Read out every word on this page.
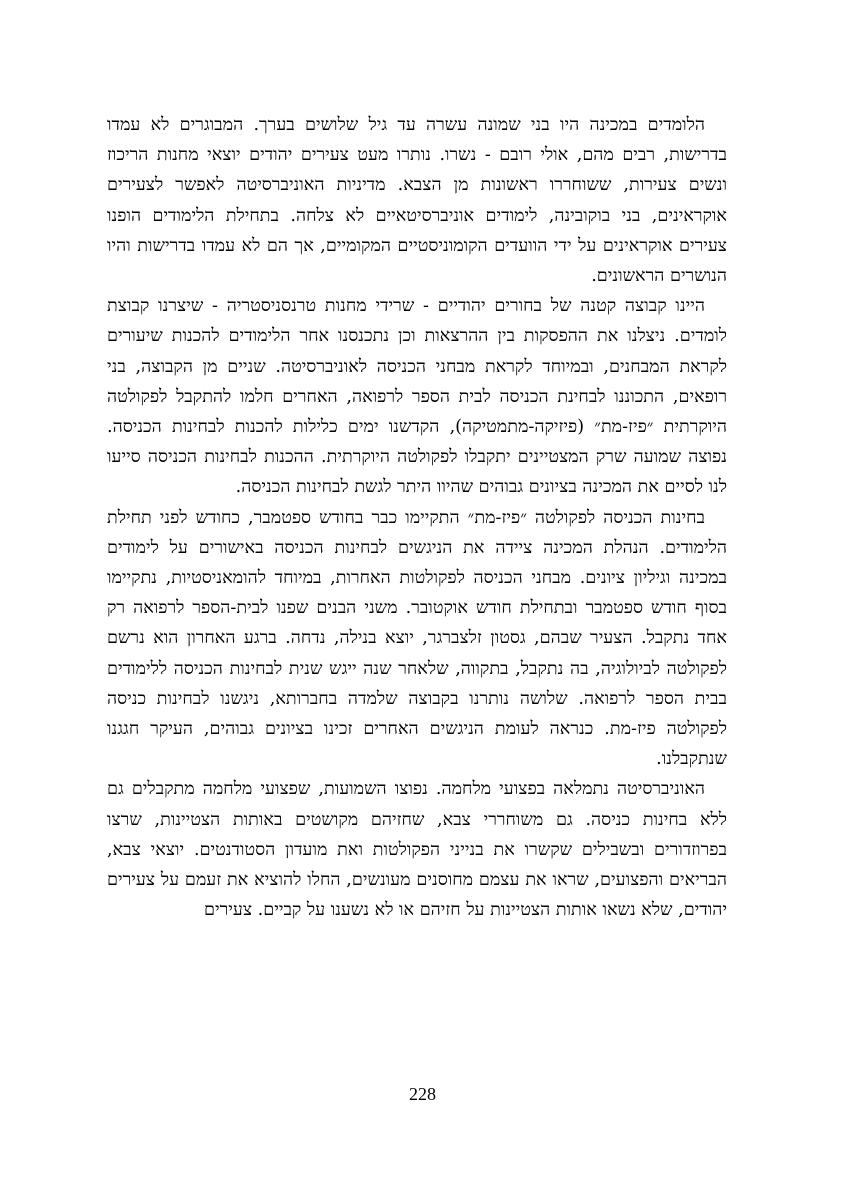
הלומדים במכינה היו בני שמונה עשרה עד גיל שלושים בערך. המבוגרים לא עמדו בדרישות, רבים מהם, אולי רובם - נשרו. נותרו מעט צעירים יהודים יוצאי מחנות הריכוז ונשים צעירות, ששוחררו ראשונות מן הצבא. מדיניות האוניברסיטה לאפשר לצעירים אוקראינים, בני בוקובינה, לימודים אוניברסיטאיים לא צלחה. בתחילת הלימודים הופנו צעירים אוקראינים על ידי הוועדים הקומוניסטיים המקומיים, אך הם לא עמדו בדרישות והיו הנושרים הראשונים.

היינו קבוצה קטנה של בחורים יהודיים - שרידי מחנות טרנסניסטריה - שיצרנו קבוצת לומדים. ניצלנו את ההפסקות בין ההרצאות וכן נתכנסנו אחר הלימודים להכנות שיעורים לקראת המבחנים, ובמיוחד לקראת מבחני הכניסה לאוניברסיטה. שניים מן הקבוצה, בני רופאים, התכוננו לבחינת הכניסה לבית הספר לרפואה, האחרים חלמו להתקבל לפקולטה היוקרתית ״פיז-מת״ (פיזיקה-מתמטיקה), הקדשנו ימים כלילות להכנות לבחינות הכניסה. נפוצה שמועה שרק המצטיינים יתקבלו לפקולטה היוקרתית. ההכנות לבחינות הכניסה סייעו לנו לסיים את המכינה בציונים גבוהים שהיוו היתר לגשת לבחינות הכניסה.

בחינות הכניסה לפקולטה ״פיז-מת״ התקיימו כבר בחודש ספטמבר, כחודש לפני תחילת הלימודים. הנהלת המכינה ציידה את הניגשים לבחינות הכניסה באישורים על לימודים במכינה וגיליון ציונים. מבחני הכניסה לפקולטות האחרות, במיוחד להומאניסטיות, נתקיימו בסוף חודש ספטמבר ובתחילת חודש אוקטובר. משני הבנים שפנו לבית-הספר לרפואה רק אחד נתקבל. הצעיר שבהם, גסטון זלצברגר, יוצא בנילה, נדחה. ברגע האחרון הוא נרשם לפקולטה לביולוגיה, בה נתקבל, בתקווה, שלאחר שנה ייגש שנית לבחינות הכניסה ללימודים בבית הספר לרפואה. שלושה נותרנו בקבוצה שלמדה בחברותא, ניגשנו לבחינות כניסה לפקולטה פיז-מת. כנראה לעומת הניגשים האחרים זכינו בציונים גבוהים, העיקר חגגנו שנתקבלנו.

האוניברסיטה נתמלאה בפצועי מלחמה. נפוצו השמועות, שפצועי מלחמה מתקבלים גם ללא בחינות כניסה. גם משוחררי צבא, שחזיהם מקושטים באותות הצטיינות, שרצו בפרוזדורים ובשבילים שקשרו את בנייני הפקולטות ואת מועדון הסטודנטים. יוצאי צבא, הבריאים והפצועים, שראו את עצמם מחוסנים מעונשים, החלו להוציא את זעמם על צעירים יהודים, שלא נשאו אותות הצטיינות על חזיהם או לא נשענו על קביים. צעירים

228
